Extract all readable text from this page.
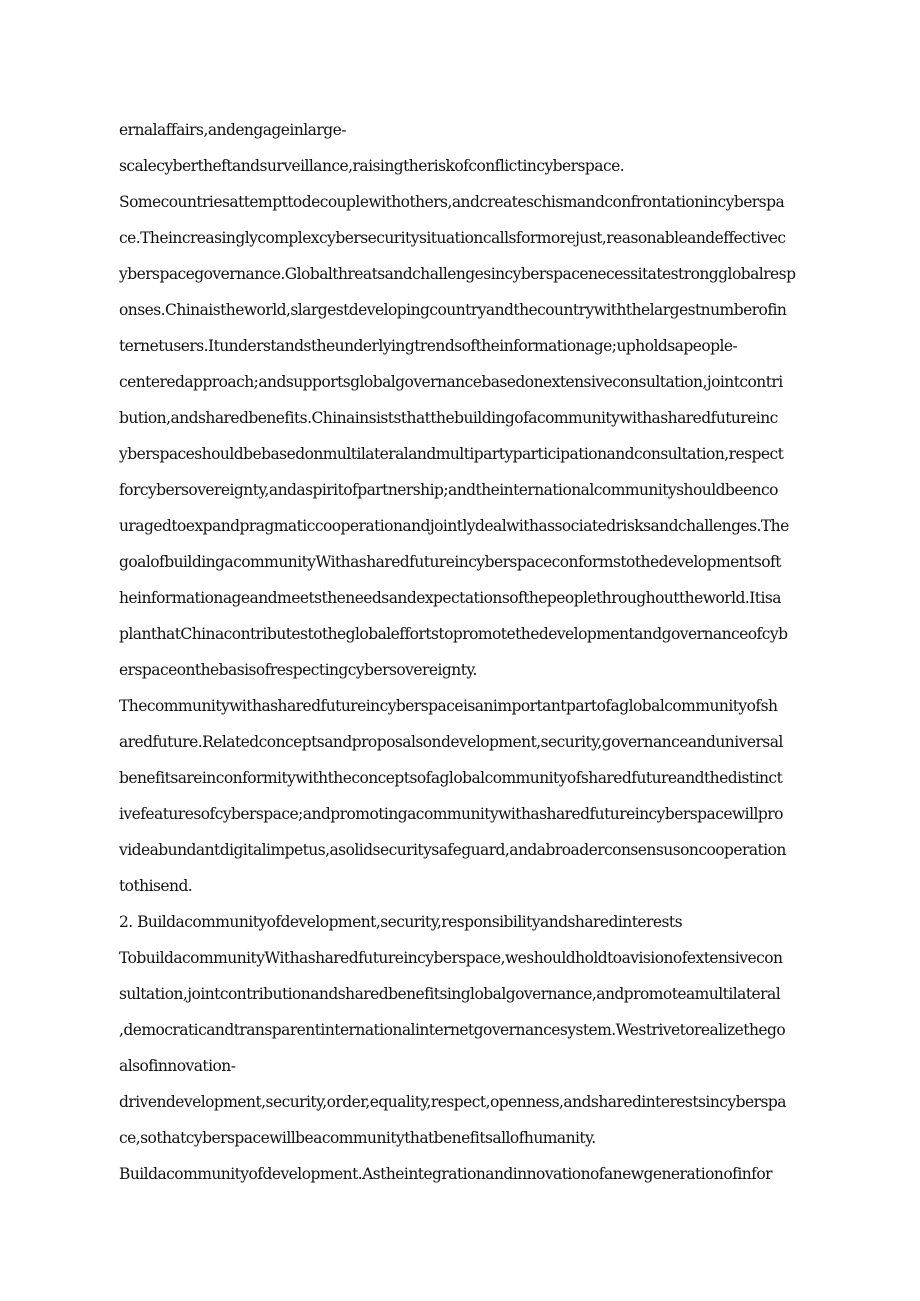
ernalaffairs,andengageinlarge-
scalecybertheftandsurveillance,raisingtheriskofconflictincyberspace.
Somecountriesattempttodecouplewithothers,andcreateschismandconfrontationincyberspa
ce.Theincreasinglycomplexcybersecuritysituationcallsformorejust,reasonableandeffectivec
yberspacegovernance.Globalthreatsandchallengesincyberspacenecessitatestrongglobalresp
onses.Chinaistheworld,slargestdevelopingcountryandthecountrywiththelargestnumberofin
ternetusers.Itunderstandstheunderlyingtrendsoftheinformationage;upholdsapeople-
centeredapproach;andsupportsglobalgovernancebasedonextensiveconsultation,jointcontri
bution,andsharedbenefits.Chinainsiststhatthebuildingofacommunitywithasharedfutureinc
yberspaceshouldbebasedonmultilateralandmultipartyparticipationandconsultation,respect
forcybersovereignty,andaspiritofpartnership;andtheinternationalcommunityshouldbeenco
uragedtoexpandpragmaticcooperationandjointlydealwithassociatedrisksandchallenges.The
goalofbuildingacommunityWithasharedfutureincyberspaceconformstothedevelopmentsoft
heinformationageandmeetstheneedsandexpectationsofthepeoplethroughouttheworld.Itisa
planthatChinacontributestotheglobaleffortstopromotethedevelopmentandgovernanceofcyb
erspaceonthebasisofrespectingcybersovereignty.
Thecommunitywithasharedfutureincyberspaceisanimportantpartofaglobalcommunityofsh
aredfuture.Relatedconceptsandproposalsondevelopment,security,governanceanduniversal
benefitsareinconformitywiththeconceptsofaglobalcommunityofsharedfutureandthedistinct
ivefeaturesofcyberspace;andpromotingacommunitywithasharedfutureincyberspacewillpro
videabundantdigitalimpetus,asolidsecuritysafeguard,andabroaderconsensusoncooperation
tothisend.
2. Buildacommunityofdevelopment,security,responsibilityandsharedinterests
TobuildacommunityWithasharedfutureincyberspace,weshouldholdtoavisionofextensivecon
sultation,jointcontributionandsharedbenefitsinglobalgovernance,andpromoteamultilateral
,democraticandtransparentinternationalinternetgovernancesystem.Westrivetorealizethego
alsofinnovation-
drivendevelopment,security,order,equality,respect,openness,andsharedinterestsincyberspa
ce,sothatcyberspacewillbeacommunitythatbenefitsallofhumanity.
Buildacommunityofdevelopment.Astheintegrationandinnovationofanewgenerationofinfor
